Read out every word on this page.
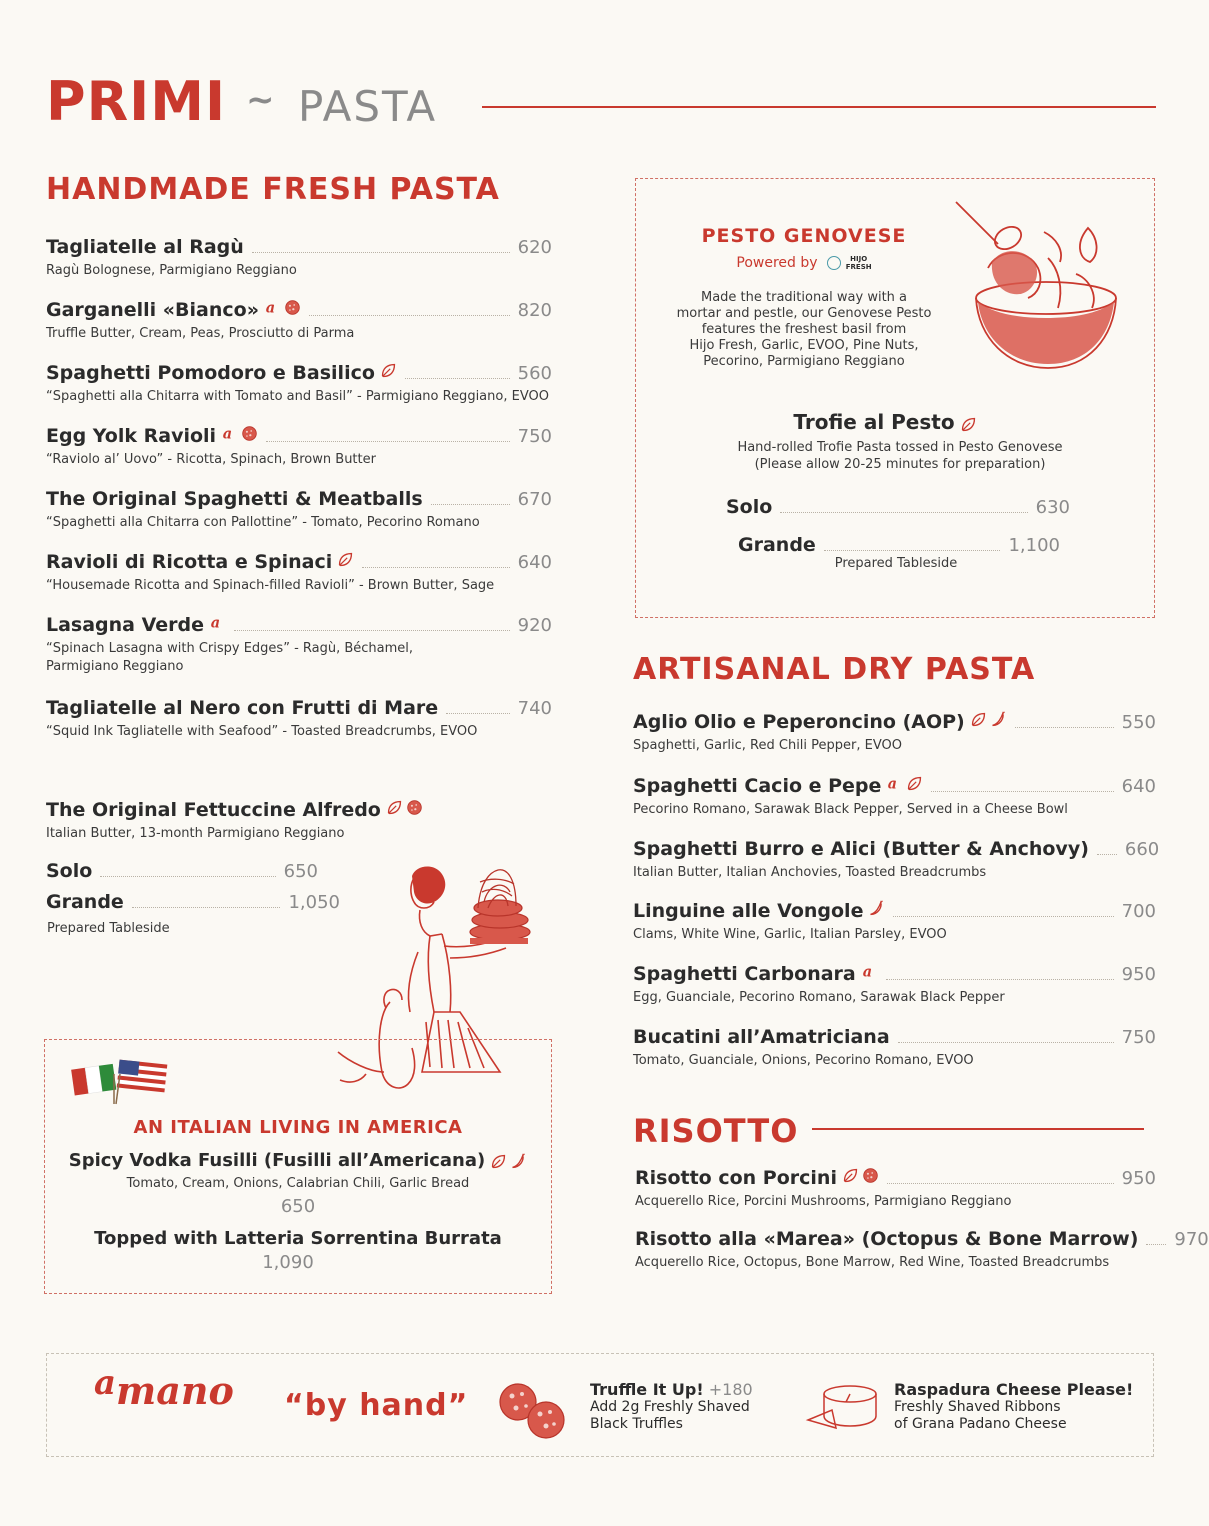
PRIMI ~ PASTA
HANDMADE FRESH PASTA
Tagliatelle al Ragù	620
Ragù Bolognese, Parmigiano Reggiano
Garganelli «Bianco»	820
Truffle Butter, Cream, Peas, Prosciutto di Parma
Spaghetti Pomodoro e Basilico	560
“Spaghetti alla Chitarra with Tomato and Basil” - Parmigiano Reggiano, EVOO
Egg Yolk Ravioli	750
“Raviolo al’ Uovo” - Ricotta, Spinach, Brown Butter
The Original Spaghetti & Meatballs	670
“Spaghetti alla Chitarra con Pallottine” - Tomato, Pecorino Romano
Ravioli di Ricotta e Spinaci	640
“Housemade Ricotta and Spinach-filled Ravioli” - Brown Butter, Sage
Lasagna Verde	920
“Spinach Lasagna with Crispy Edges” - Ragù, Béchamel,
Parmigiano Reggiano
Tagliatelle al Nero con Frutti di Mare	740
“Squid Ink Tagliatelle with Seafood” - Toasted Breadcrumbs, EVOO
The Original Fettuccine Alfredo
Italian Butter, 13-month Parmigiano Reggiano
Solo	650
Grande	1,050
Prepared Tableside
AN ITALIAN LIVING IN AMERICA
Spicy Vodka Fusilli (Fusilli all’Americana)
Tomato, Cream, Onions, Calabrian Chili, Garlic Bread
650
Topped with Latteria Sorrentina Burrata
1,090
PESTO GENOVESE
Powered by	HIJO
FRESH
Made the traditional way with a
mortar and pestle, our Genovese Pesto
features the freshest basil from
Hijo Fresh, Garlic, EVOO, Pine Nuts,
Pecorino, Parmigiano Reggiano
Trofie al Pesto
Hand-rolled Trofie Pasta tossed in Pesto Genovese
(Please allow 20-25 minutes for preparation)
Solo	630
Grande	1,100
Prepared Tableside
ARTISANAL DRY PASTA
Aglio Olio e Peperoncino (AOP)	550
Spaghetti, Garlic, Red Chili Pepper, EVOO
Spaghetti Cacio e Pepe	640
Pecorino Romano, Sarawak Black Pepper, Served in a Cheese Bowl
Spaghetti Burro e Alici (Butter & Anchovy) 660
Italian Butter, Italian Anchovies, Toasted Breadcrumbs
Linguine alle Vongole	700
Clams, White Wine, Garlic, Italian Parsley, EVOO
Spaghetti Carbonara	950
Egg, Guanciale, Pecorino Romano, Sarawak Black Pepper
Bucatini all’Amatriciana	750
Tomato, Guanciale, Onions, Pecorino Romano, EVOO
RISOTTO
Risotto con Porcini	950
Acquerello Rice, Porcini Mushrooms, Parmigiano Reggiano
Risotto alla «Marea» (Octopus & Bone Marrow) 970
Acquerello Rice, Octopus, Bone Marrow, Red Wine, Toasted Breadcrumbs
amano “by hand”	Truffle It Up! +180
Add 2g Freshly Shaved
Black Truffles
Raspadura Cheese Please!
Freshly Shaved Ribbons
of Grana Padano Cheese
